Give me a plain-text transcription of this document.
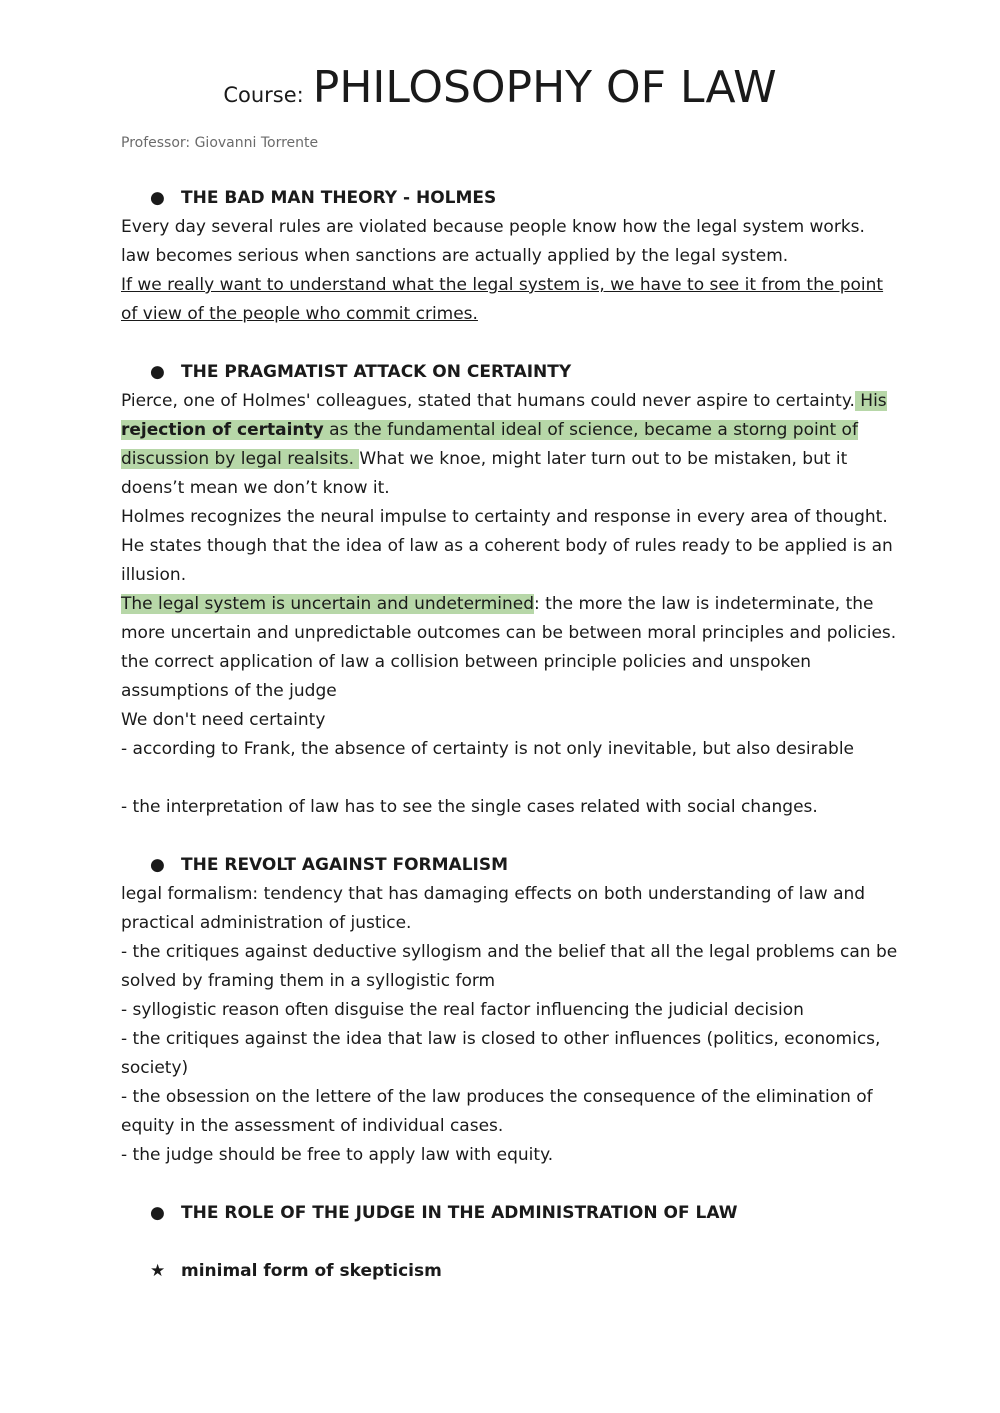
Course: PHILOSOPHY OF LAW
Professor: Giovanni Torrente

● THE BAD MAN THEORY - HOLMES

Every day several rules are violated because people know how the legal system works.

law becomes serious when sanctions are actually applied by the legal system.

If we really want to understand what the legal system is, we have to see it from the point

of view of the people who commit crimes.

● THE PRAGMATIST ATTACK ON CERTAINTY

Pierce, one of Holmes' colleagues, stated that humans could never aspire to certainty. His

rejection of certainty as the fundamental ideal of science, became a storng point of

discussion by legal realsits. What we knoe, might later turn out to be mistaken, but it

doens’t mean we don’t know it.

Holmes recognizes the neural impulse to certainty and response in every area of thought.

He states though that the idea of law as a coherent body of rules ready to be applied is an

illusion.

The legal system is uncertain and undetermined: the more the law is indeterminate, the

more uncertain and unpredictable outcomes can be between moral principles and policies.

the correct application of law a collision between principle policies and unspoken

assumptions of the judge

We don't need certainty

- according to Frank, the absence of certainty is not only inevitable, but also desirable

- the interpretation of law has to see the single cases related with social changes.

● THE REVOLT AGAINST FORMALISM

legal formalism: tendency that has damaging effects on both understanding of law and

practical administration of justice.

- the critiques against deductive syllogism and the belief that all the legal problems can be

solved by framing them in a syllogistic form

- syllogistic reason often disguise the real factor influencing the judicial decision

- the critiques against the idea that law is closed to other influences (politics, economics,

society)

- the obsession on the lettere of the law produces the consequence of the elimination of

equity in the assessment of individual cases.

- the judge should be free to apply law with equity.

● THE ROLE OF THE JUDGE IN THE ADMINISTRATION OF LAW

★ minimal form of skepticism
